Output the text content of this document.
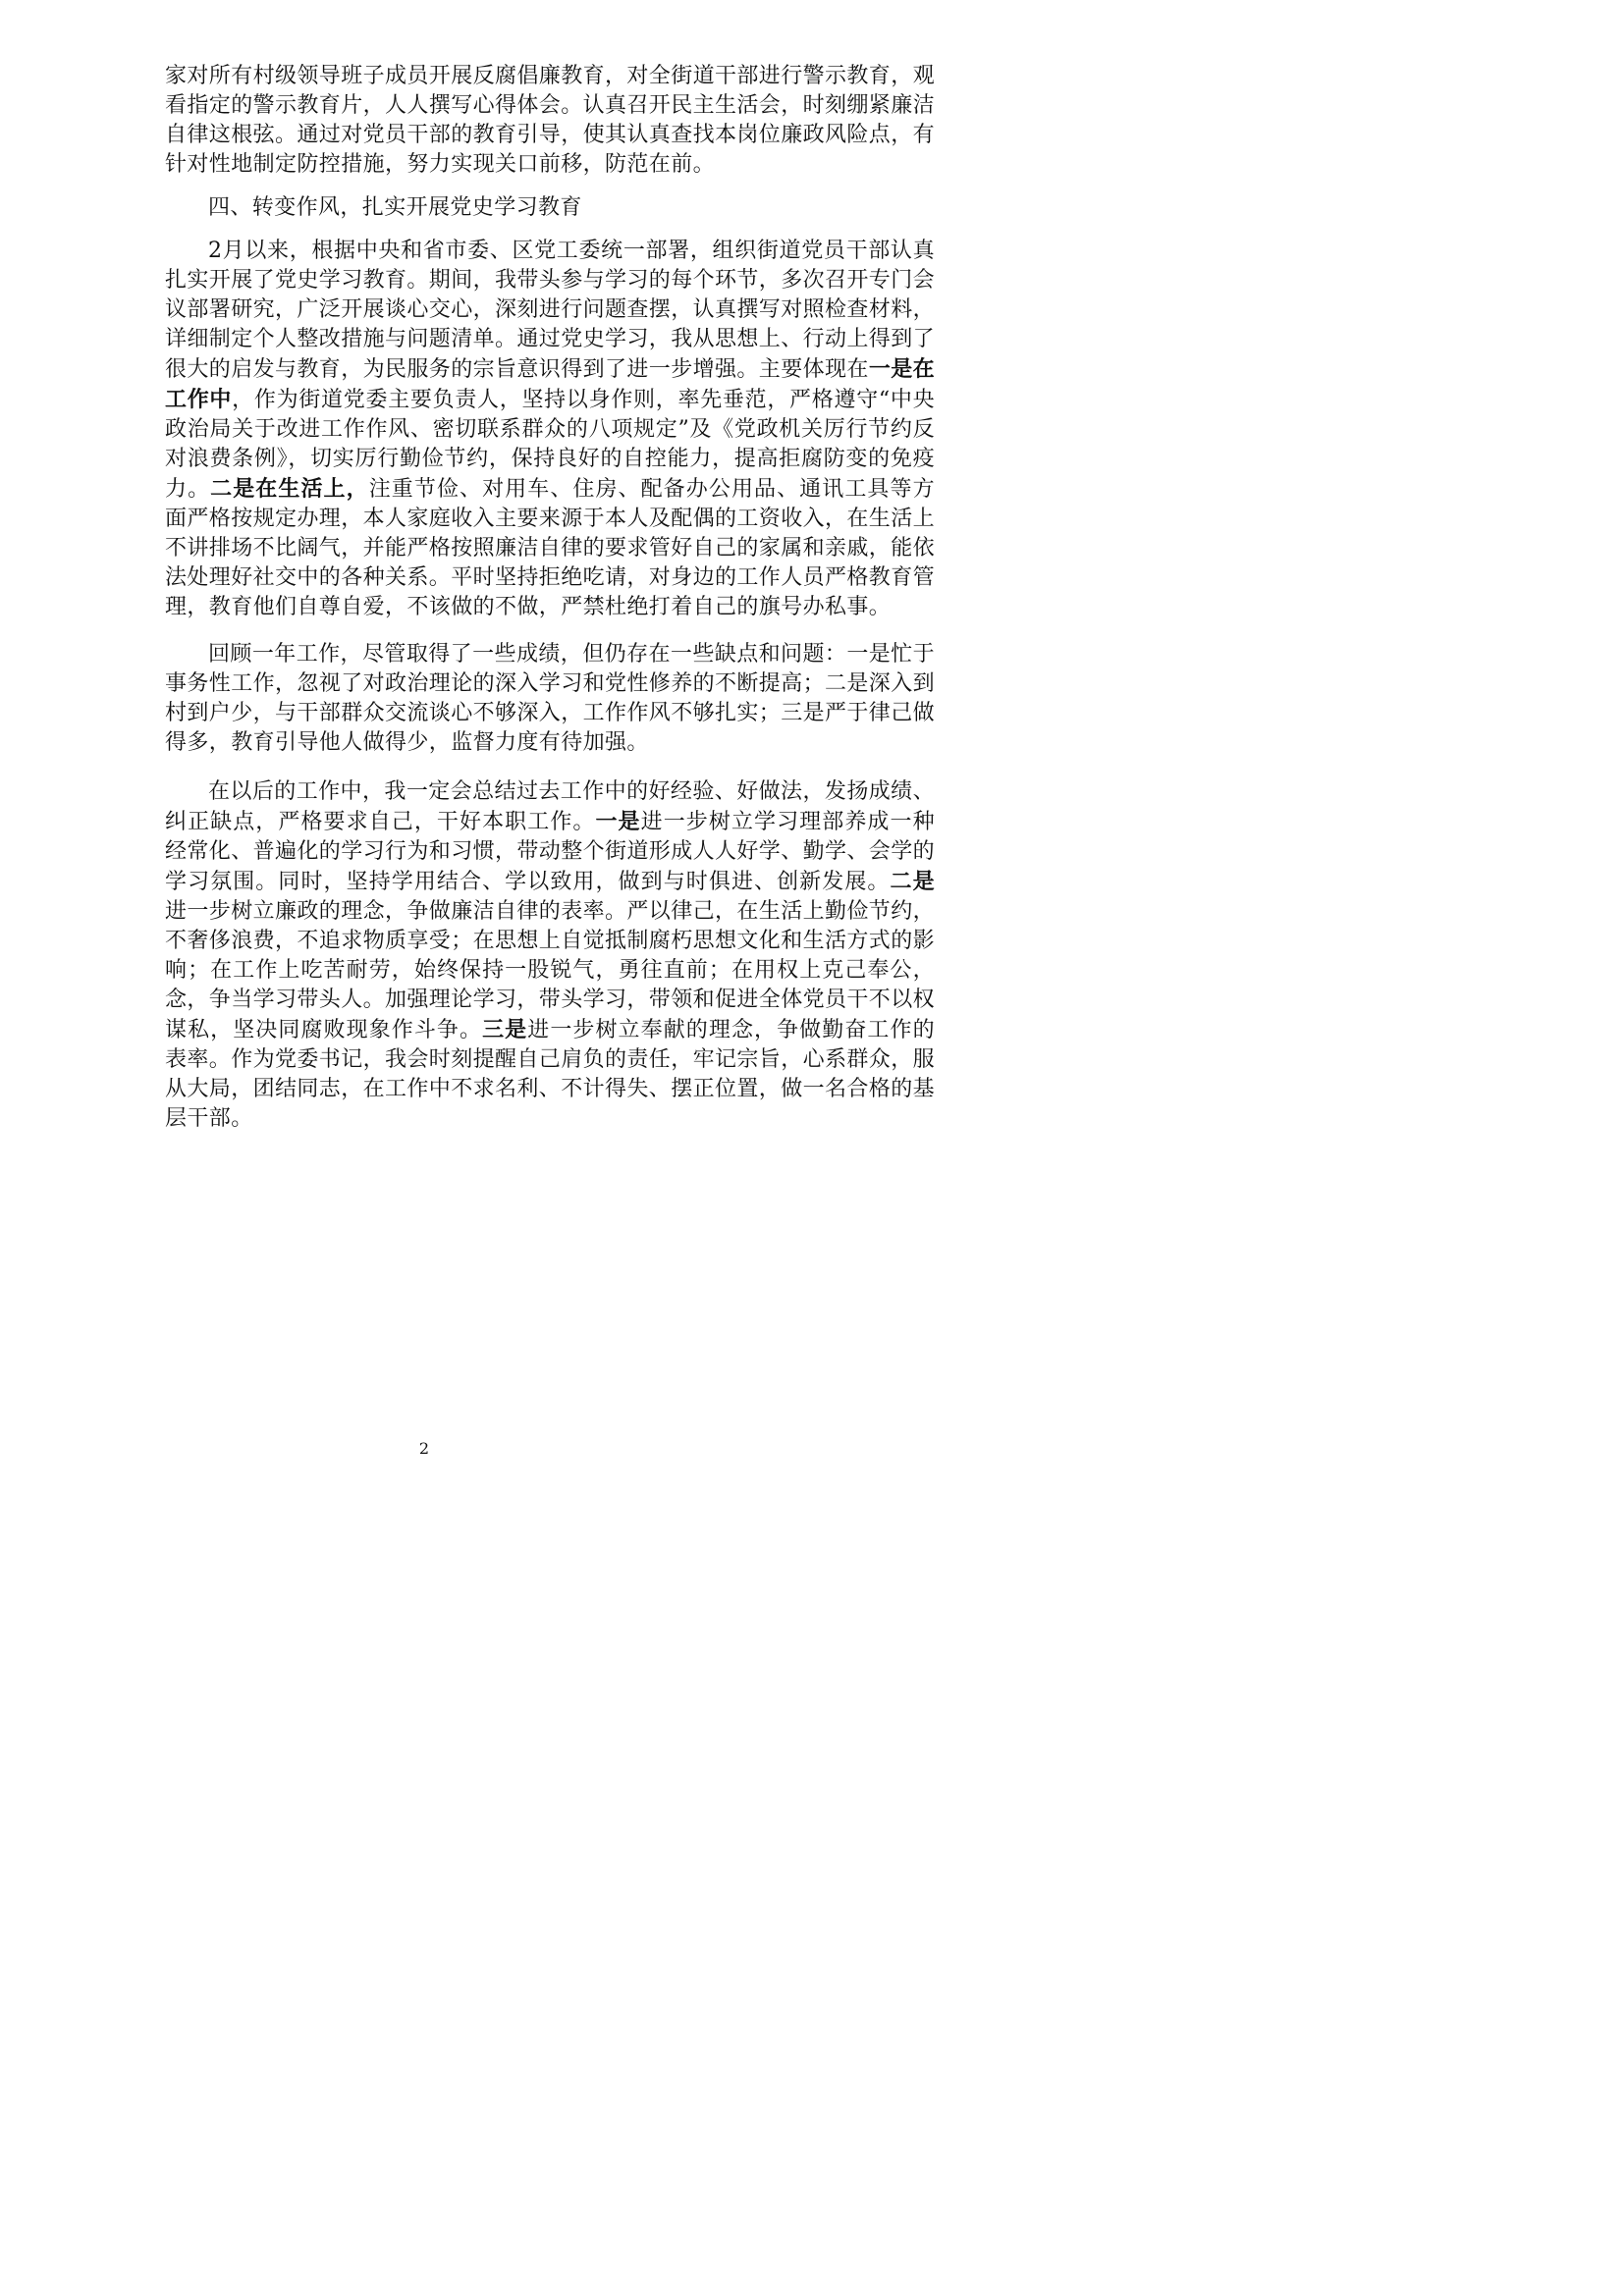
家对所有村级领导班子成员开展反腐倡廉教育，对全街道干部进行警示教育，观看指定的警示教育片，人人撰写心得体会。认真召开民主生活会，时刻绷紧廉洁自律这根弦。通过对党员干部的教育引导，使其认真查找本岗位廉政风险点，有针对性地制定防控措施，努力实现关口前移，防范在前。

四、转变作风，扎实开展党史学习教育

2月以来，根据中央和省市委、区党工委统一部署，组织街道党员干部认真扎实开展了党史学习教育。期间，我带头参与学习的每个环节，多次召开专门会议部署研究，广泛开展谈心交心，深刻进行问题查摆，认真撰写对照检查材料，详细制定个人整改措施与问题清单。通过党史学习，我从思想上、行动上得到了很大的启发与教育，为民服务的宗旨意识得到了进一步增强。主要体现在一是在工作中，作为街道党委主要负责人，坚持以身作则，率先垂范，严格遵守“中央政治局关于改进工作作风、密切联系群众的八项规定”及《党政机关厉行节约反对浪费条例》，切实厉行勤俭节约，保持良好的自控能力，提高拒腐防变的免疫力。二是在生活上，注重节俭、对用车、住房、配备办公用品、通讯工具等方面严格按规定办理，本人家庭收入主要来源于本人及配偶的工资收入，在生活上不讲排场不比阔气，并能严格按照廉洁自律的要求管好自己的家属和亲戚，能依法处理好社交中的各种关系。平时坚持拒绝吃请，对身边的工作人员严格教育管理，教育他们自尊自爱，不该做的不做，严禁杜绝打着自己的旗号办私事。

回顾一年工作，尽管取得了一些成绩，但仍存在一些缺点和问题：一是忙于事务性工作，忽视了对政治理论的深入学习和党性修养的不断提高；二是深入到村到户少，与干部群众交流谈心不够深入，工作作风不够扎实；三是严于律己做得多，教育引导他人做得少，监督力度有待加强。

在以后的工作中，我一定会总结过去工作中的好经验、好做法，发扬成绩、纠正缺点，严格要求自己，干好本职工作。一是进一步树立学习理部养成一种经常化、普遍化的学习行为和习惯，带动整个街道形成人人好学、勤学、会学的学习氛围。同时，坚持学用结合、学以致用，做到与时俱进、创新发展。二是进一步树立廉政的理念，争做廉洁自律的表率。严以律己，在生活上勤俭节约，不奢侈浪费，不追求物质享受；在思想上自觉抵制腐朽思想文化和生活方式的影响；在工作上吃苦耐劳，始终保持一股锐气，勇往直前；在用权上克己奉公，念，争当学习带头人。加强理论学习，带头学习，带领和促进全体党员干不以权谋私，坚决同腐败现象作斗争。三是进一步树立奉献的理念，争做勤奋工作的表率。作为党委书记，我会时刻提醒自己肩负的责任，牢记宗旨，心系群众，服从大局，团结同志，在工作中不求名利、不计得失、摆正位置，做一名合格的基层干部。

2
